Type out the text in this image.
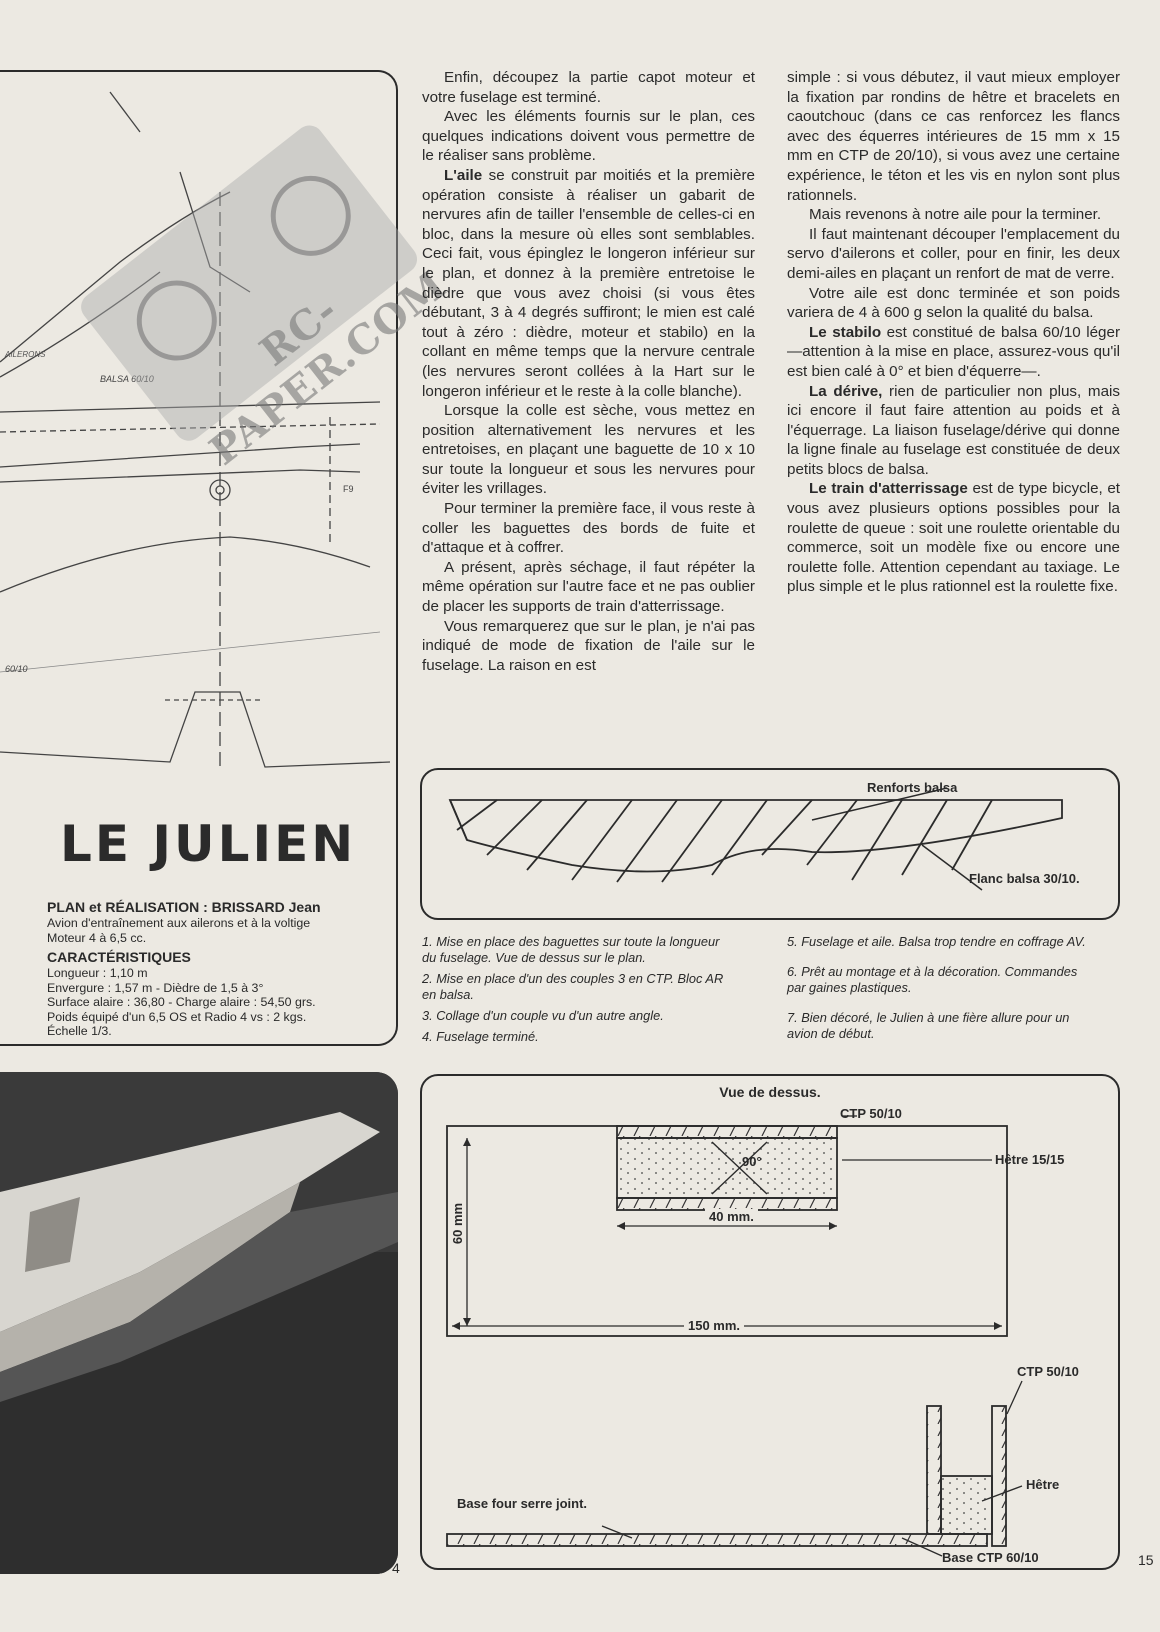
AILERONS
BALSA 60/10
F9
60/10
RC-PAPER.COM
LE JULIEN
PLAN et RÉALISATION : BRISSARD Jean
Avion d'entraînement aux ailerons et à la voltige
Moteur 4 à 6,5 cc.
CARACTÉRISTIQUES
Longueur : 1,10 m
Envergure : 1,57 m - Dièdre de 1,5 à 3°
Surface alaire : 36,80 - Charge alaire : 54,50 grs.
Poids équipé d'un 6,5 OS et Radio 4 vs : 2 kgs.
Échelle 1/3.

Enfin, découpez la partie capot moteur et votre fuselage est terminé.

Avec les éléments fournis sur le plan, ces quelques indications doivent vous permettre de le réaliser sans problème.

L'aile se construit par moitiés et la première opération consiste à réaliser un gabarit de nervures afin de tailler l'ensemble de celles-ci en bloc, dans la mesure où elles sont semblables. Ceci fait, vous épinglez le longeron inférieur sur le plan, et donnez à la première entretoise le dièdre que vous avez choisi (si vous êtes débutant, 3 à 4 degrés suffiront; le mien est calé tout à zéro : dièdre, moteur et stabilo) en la collant en même temps que la nervure centrale (les nervures seront collées à la Hart sur le longeron inférieur et le reste à la colle blanche).

Lorsque la colle est sèche, vous mettez en position alternativement les nervures et les entretoises, en plaçant une baguette de 10 x 10 sur toute la longueur et sous les nervures pour éviter les vrillages.

Pour terminer la première face, il vous reste à coller les baguettes des bords de fuite et d'attaque et à coffrer.

A présent, après séchage, il faut répéter la même opération sur l'autre face et ne pas oublier de placer les supports de train d'atterrissage.

Vous remarquerez que sur le plan, je n'ai pas indiqué de mode de fixation de l'aile sur le fuselage. La raison en est

simple : si vous débutez, il vaut mieux employer la fixation par rondins de hêtre et bracelets en caoutchouc (dans ce cas renforcez les flancs avec des équerres intérieures de 15 mm x 15 mm en CTP de 20/10), si vous avez une certaine expérience, le téton et les vis en nylon sont plus rationnels.

Mais revenons à notre aile pour la terminer.

Il faut maintenant découper l'emplacement du servo d'ailerons et coller, pour en finir, les deux demi-ailes en plaçant un renfort de mat de verre.

Votre aile est donc terminée et son poids variera de 4 à 600 g selon la qualité du balsa.

Le stabilo est constitué de balsa 60/10 léger —attention à la mise en place, assurez-vous qu'il est bien calé à 0° et bien d'équerre—.

La dérive, rien de particulier non plus, mais ici encore il faut faire attention au poids et à l'équerrage. La liaison fuselage/dérive qui donne la ligne finale au fuselage est constituée de deux petits blocs de balsa.

Le train d'atterrissage est de type bicycle, et vous avez plusieurs options possibles pour la roulette de queue : soit une roulette orientable du commerce, soit un modèle fixe ou encore une roulette folle. Attention cependant au taxiage. Le plus simple et le plus rationnel est la roulette fixe.

Renforts balsa
Flanc balsa 30/10.
1. Mise en place des baguettes sur toute la longueur du fuselage. Vue de dessus sur le plan.
2. Mise en place d'un des couples 3 en CTP. Bloc AR en balsa.
3. Collage d'un couple vu d'un autre angle.
4. Fuselage terminé.
5. Fuselage et aile. Balsa trop tendre en coffrage AV.
6. Prêt au montage et à la décoration. Commandes par gaines plastiques.
7. Bien décoré, le Julien à une fière allure pour un avion de début.
Vue de dessus.
CTP 50/10
90°	Hêtre 15/15
40 mm.
60 mm
150 mm.
CTP 50/10
Hêtre
Base four serre joint.
Base CTP 60/10
4	15
